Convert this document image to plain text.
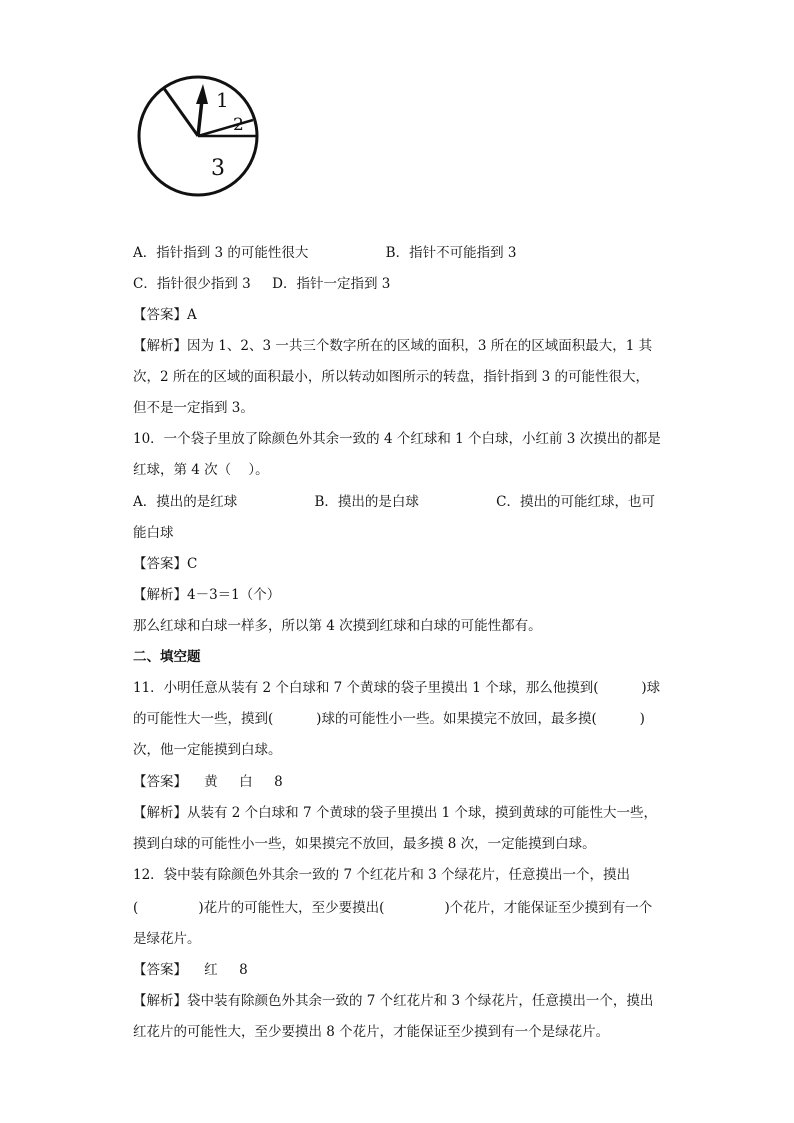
1
2
3
A．指针指到 3 的可能性很大                  B．指针不可能指到 3
C．指针很少指到 3     D．指针一定指到 3
【答案】A
【解析】因为 1、2、3 一共三个数字所在的区域的面积，3 所在的区域面积最大，1 其
次，2 所在的区域的面积最小，所以转动如图所示的转盘，指针指到 3 的可能性很大，
但不是一定指到 3。
10．一个袋子里放了除颜色外其余一致的 4 个红球和 1 个白球，小红前 3 次摸出的都是
红球，第 4 次（    ）。
A．摸出的是红球                  B．摸出的是白球                  C．摸出的可能红球，也可
能白球
【答案】C
【解析】4－3＝1（个）
那么红球和白球一样多，所以第 4 次摸到红球和白球的可能性都有。
二、填空题
11．小明任意从装有 2 个白球和 7 个黄球的袋子里摸出 1 个球，那么他摸到(          )球
的可能性大一些，摸到(          )球的可能性小一些。如果摸完不放回，最多摸(          )
次，他一定能摸到白球。
【答案】    黄     白     8
【解析】从装有 2 个白球和 7 个黄球的袋子里摸出 1 个球，摸到黄球的可能性大一些，
摸到白球的可能性小一些，如果摸完不放回，最多摸 8 次，一定能摸到白球。
12．袋中装有除颜色外其余一致的 7 个红花片和 3 个绿花片，任意摸出一个，摸出
(              )花片的可能性大，至少要摸出(              )个花片，才能保证至少摸到有一个
是绿花片。
【答案】    红     8
【解析】袋中装有除颜色外其余一致的 7 个红花片和 3 个绿花片，任意摸出一个，摸出
红花片的可能性大，至少要摸出 8 个花片，才能保证至少摸到有一个是绿花片。
